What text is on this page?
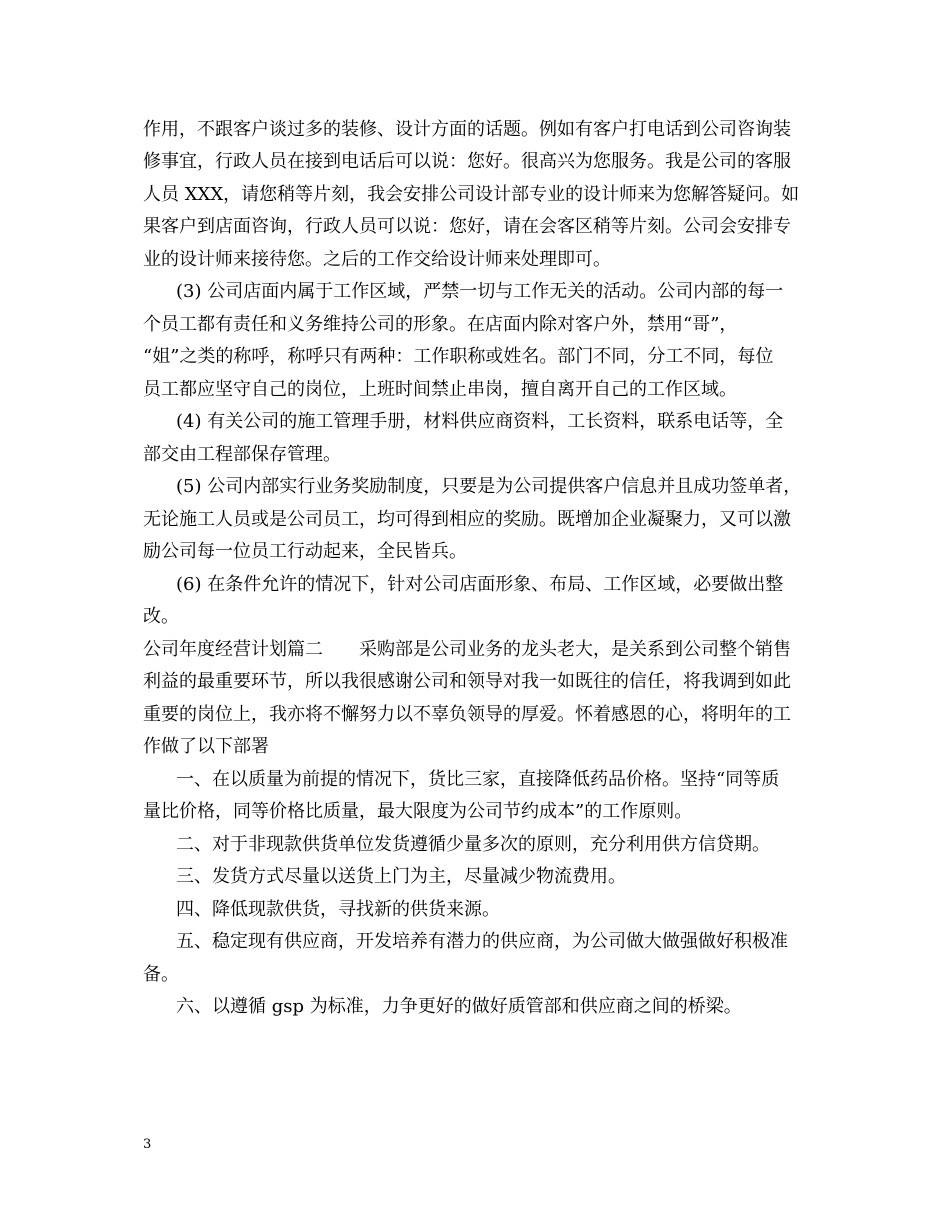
作用，不跟客户谈过多的装修、设计方面的话题。例如有客户打电话到公司咨询装
修事宜，行政人员在接到电话后可以说：您好。很高兴为您服务。我是公司的客服
人员 XXX，请您稍等片刻，我会安排公司设计部专业的设计师来为您解答疑问。如
果客户到店面咨询，行政人员可以说：您好，请在会客区稍等片刻。公司会安排专
业的设计师来接待您。之后的工作交给设计师来处理即可。
(3) 公司店面内属于工作区域，严禁一切与工作无关的活动。公司内部的每一
个员工都有责任和义务维持公司的形象。在店面内除对客户外，禁用“哥”，
“姐”之类的称呼，称呼只有两种：工作职称或姓名。部门不同，分工不同，每位
员工都应坚守自己的岗位，上班时间禁止串岗，擅自离开自己的工作区域。
(4) 有关公司的施工管理手册，材料供应商资料，工长资料，联系电话等，全
部交由工程部保存管理。
(5) 公司内部实行业务奖励制度，只要是为公司提供客户信息并且成功签单者，
无论施工人员或是公司员工，均可得到相应的奖励。既增加企业凝聚力，又可以激
励公司每一位员工行动起来，全民皆兵。
(6) 在条件允许的情况下，针对公司店面形象、布局、工作区域，必要做出整
改。
公司年度经营计划篇二　　采购部是公司业务的龙头老大，是关系到公司整个销售
利益的最重要环节，所以我很感谢公司和领导对我一如既往的信任，将我调到如此
重要的岗位上，我亦将不懈努力以不辜负领导的厚爱。怀着感恩的心，将明年的工
作做了以下部署
一、在以质量为前提的情况下，货比三家，直接降低药品价格。坚持“同等质
量比价格，同等价格比质量，最大限度为公司节约成本”的工作原则。
二、对于非现款供货单位发货遵循少量多次的原则，充分利用供方信贷期。
三、发货方式尽量以送货上门为主，尽量减少物流费用。
四、降低现款供货，寻找新的供货来源。
五、稳定现有供应商，开发培养有潜力的供应商，为公司做大做强做好积极准
备。
六、以遵循 gsp 为标准，力争更好的做好质管部和供应商之间的桥梁。
3
